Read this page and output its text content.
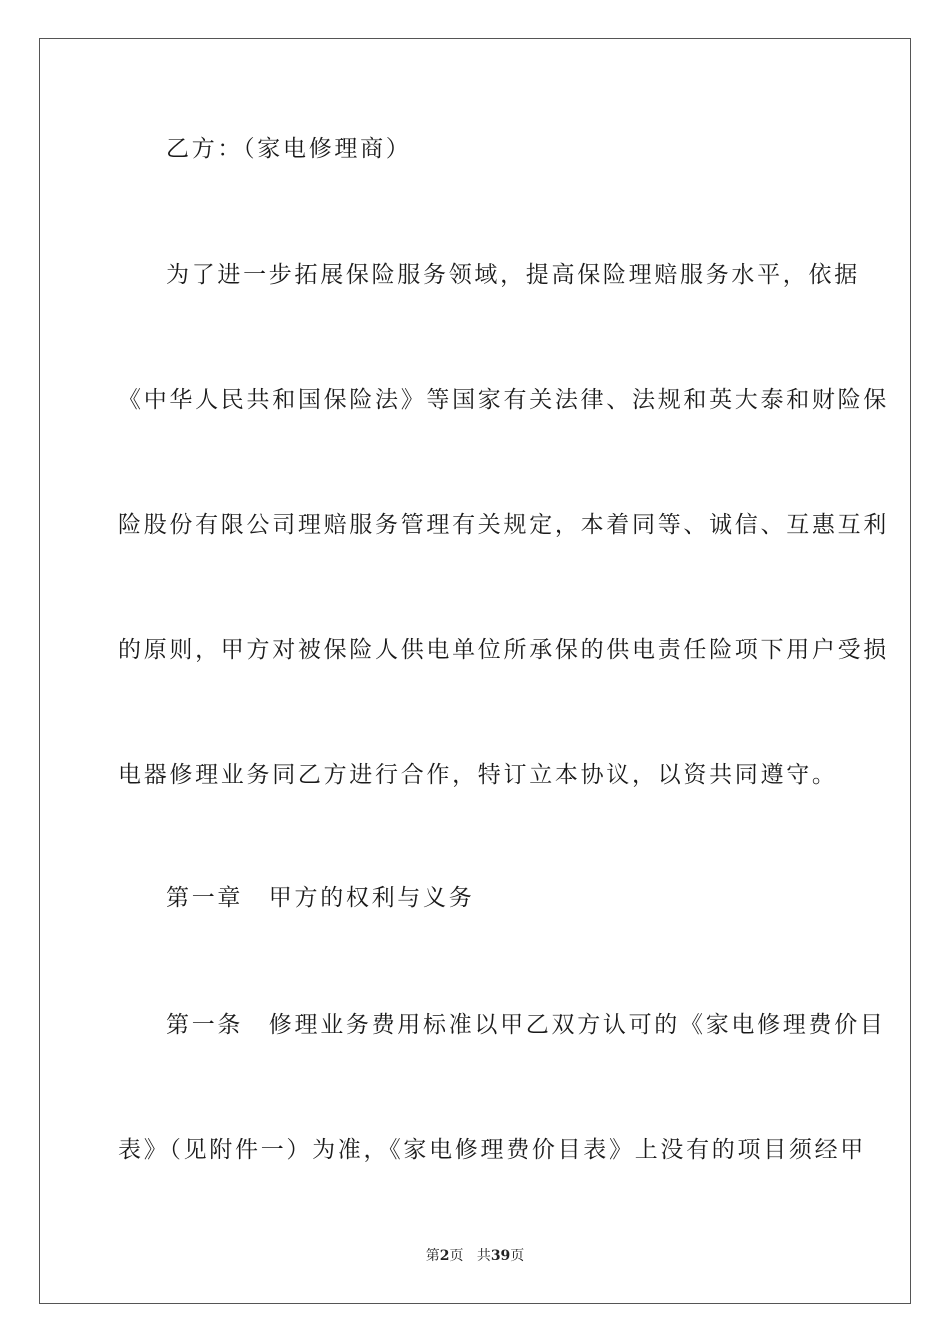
乙方：（家电修理商）
为了进一步拓展保险服务领域，提高保险理赔服务水平，依据
《中华人民共和国保险法》等国家有关法律、法规和英大泰和财险保
险股份有限公司理赔服务管理有关规定，本着同等、诚信、互惠互利
的原则，甲方对被保险人供电单位所承保的供电责任险项下用户受损
电器修理业务同乙方进行合作，特订立本协议，以资共同遵守。
第一章　甲方的权利与义务
第一条　修理业务费用标准以甲乙双方认可的《家电修理费价目
表》（见附件一）为准，《家电修理费价目表》上没有的项目须经甲
第2页 共39页
